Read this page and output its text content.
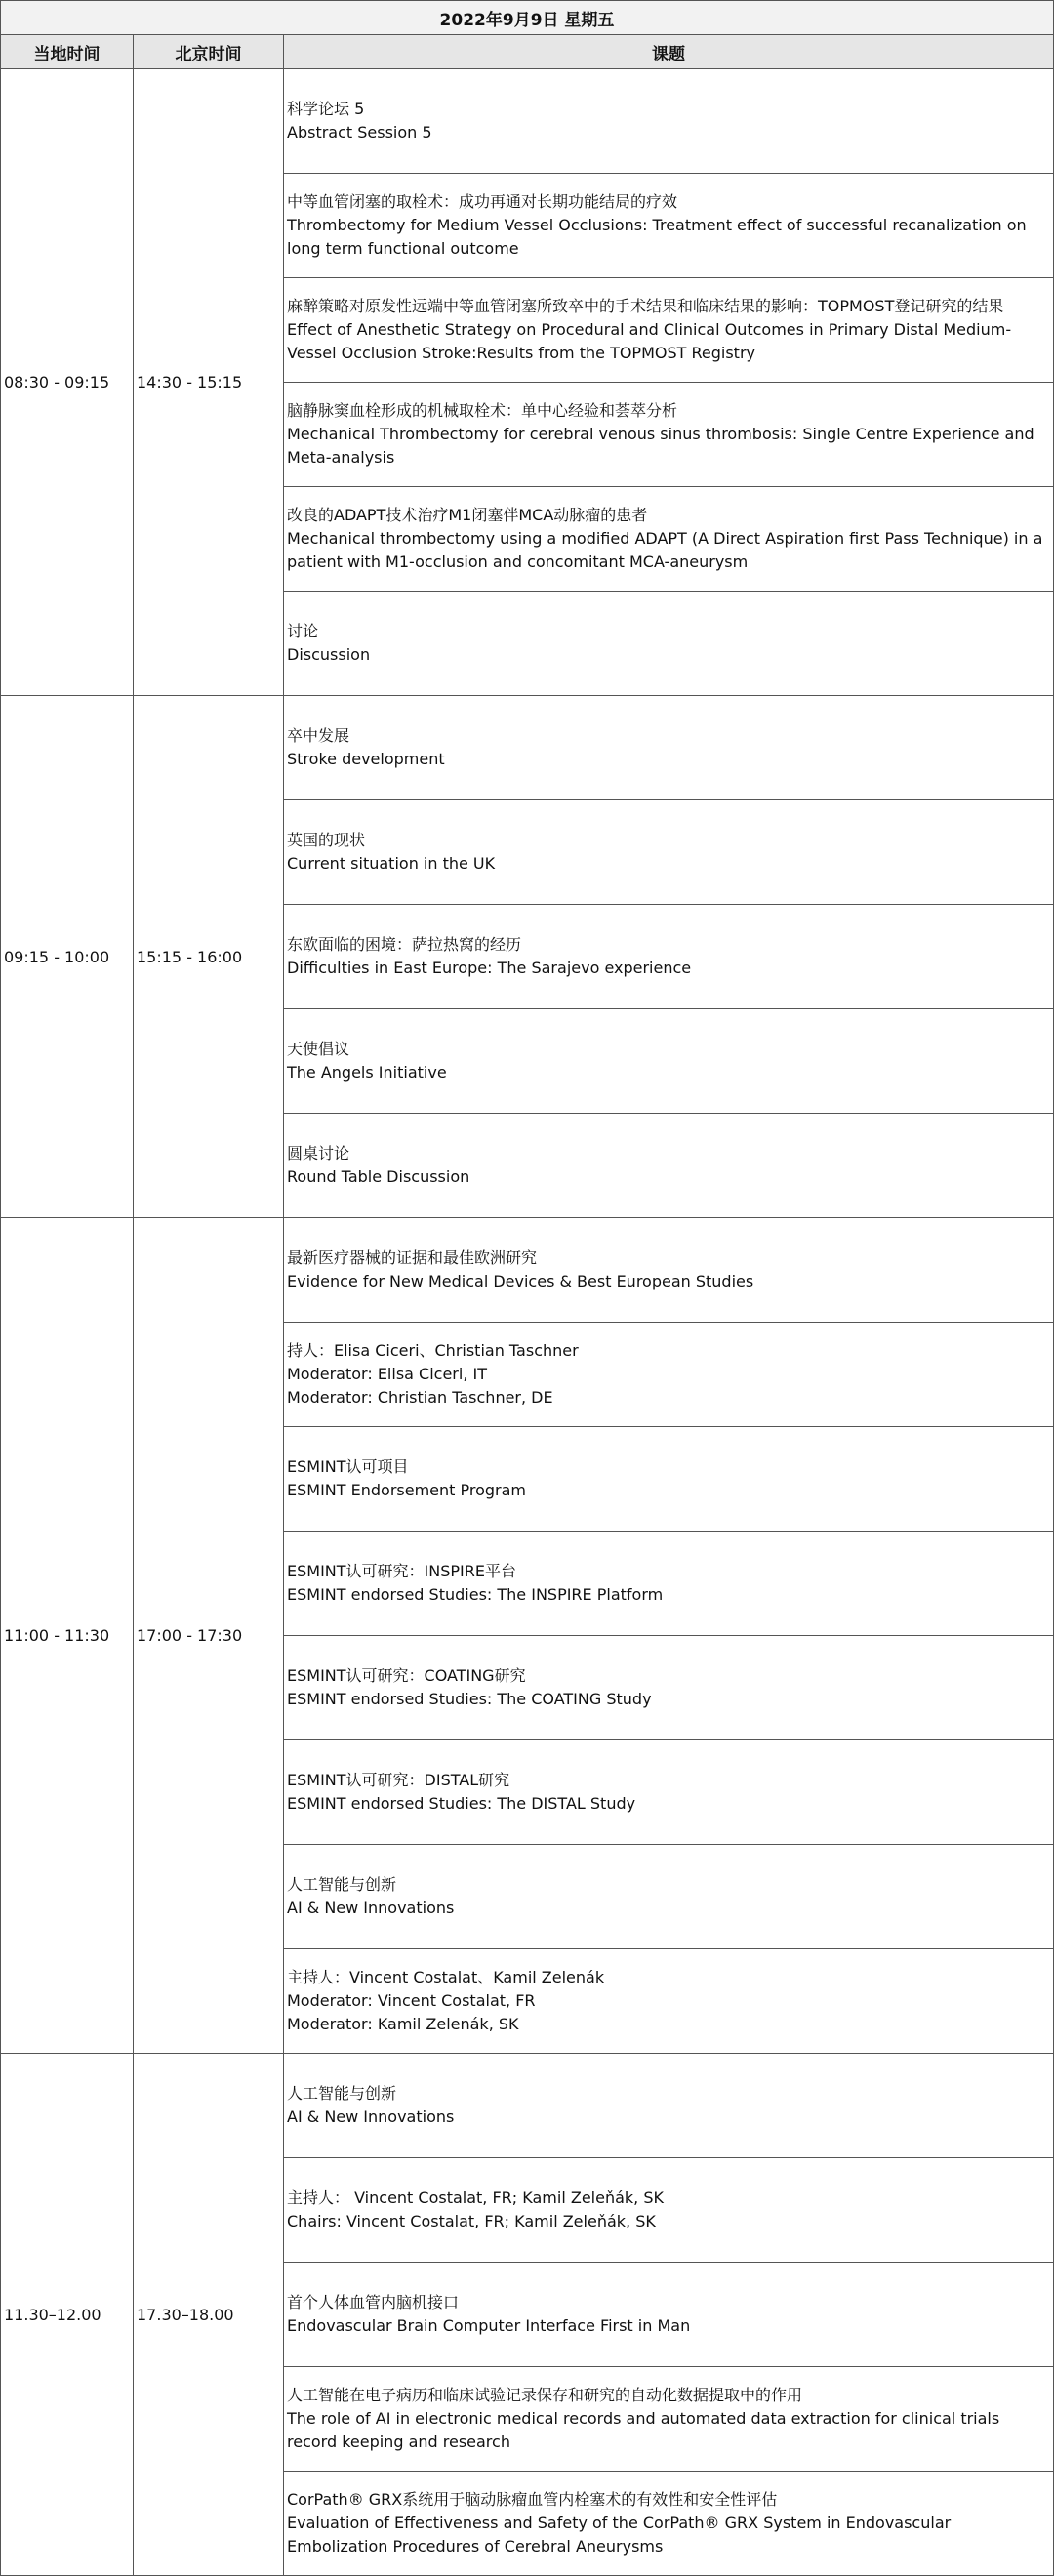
2022年9月9日 星期五		
当地时间	北京时间	课题
08:30 - 09:15	14:30 - 15:15	科学论坛 5
Abstract Session 5

		中等血管闭塞的取栓术：成功再通对长期功能结局的疗效
Thrombectomy for Medium Vessel Occlusions: Treatment effect of successful recanalization on long term functional outcome

		麻醉策略对原发性远端中等血管闭塞所致卒中的手术结果和临床结果的影响：TOPMOST登记研究的结果
Effect of Anesthetic Strategy on Procedural and Clinical Outcomes in Primary Distal Medium-Vessel Occlusion Stroke:Results from the TOPMOST Registry

		脑静脉窦血栓形成的机械取栓术：单中心经验和荟萃分析
Mechanical Thrombectomy for cerebral venous sinus thrombosis: Single Centre Experience and Meta-analysis

		改良的ADAPT技术治疗M1闭塞伴MCA动脉瘤的患者
Mechanical thrombectomy using a modified ADAPT (A Direct Aspiration first Pass Technique) in a patient with M1-occlusion and concomitant MCA-aneurysm

		讨论
Discussion

09:15 - 10:00	15:15 - 16:00	卒中发展
Stroke development

		英国的现状
Current situation in the UK

		东欧面临的困境：萨拉热窝的经历
Difficulties in East Europe: The Sarajevo experience

		天使倡议
The Angels Initiative

		圆桌讨论
Round Table Discussion

11:00 - 11:30	17:00 - 17:30	最新医疗器械的证据和最佳欧洲研究
Evidence for New Medical Devices & Best European Studies

		持人：Elisa Ciceri、Christian Taschner
Moderator: Elisa Ciceri, IT
Moderator: Christian Taschner, DE

		ESMINT认可项目
ESMINT Endorsement Program

		ESMINT认可研究：INSPIRE平台
ESMINT endorsed Studies: The INSPIRE Platform

		ESMINT认可研究：COATING研究
ESMINT endorsed Studies: The COATING Study

		ESMINT认可研究：DISTAL研究
ESMINT endorsed Studies: The DISTAL Study

		人工智能与创新
AI & New Innovations

		主持人：Vincent Costalat、Kamil Zelenák
Moderator: Vincent Costalat, FR
Moderator: Kamil Zelenák, SK

11.30–12.00	17.30–18.00	人工智能与创新
AI & New Innovations

		主持人： Vincent Costalat, FR; Kamil Zeleňák, SK
Chairs: Vincent Costalat, FR; Kamil Zeleňák, SK

		首个人体血管内脑机接口
Endovascular Brain Computer Interface First in Man

		人工智能在电子病历和临床试验记录保存和研究的自动化数据提取中的作用
The role of AI in electronic medical records and automated data extraction for clinical trials record keeping and research

		CorPath® GRX系统用于脑动脉瘤血管内栓塞术的有效性和安全性评估
Evaluation of Effectiveness and Safety of the CorPath® GRX System in Endovascular Embolization Procedures of Cerebral Aneurysms
